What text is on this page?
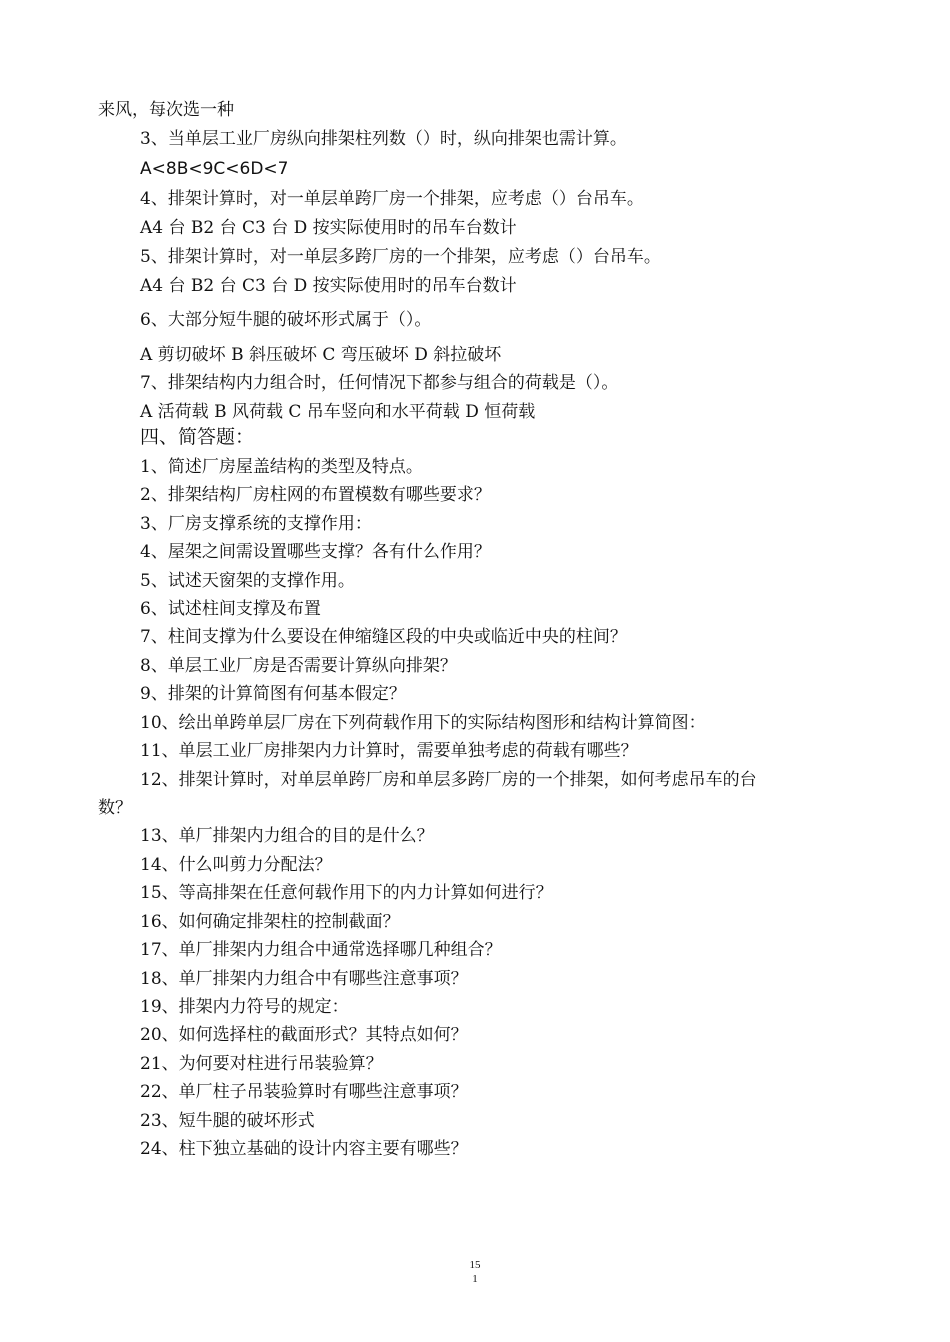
来风，每次选一种
3、当单层工业厂房纵向排架柱列数（）时，纵向排架也需计算。
A<8B<9C<6D<7
4、排架计算时，对一单层单跨厂房一个排架，应考虑（）台吊车。
A4 台 B2 台 C3 台 D 按实际使用时的吊车台数计
5、排架计算时，对一单层多跨厂房的一个排架，应考虑（）台吊车。
A4 台 B2 台 C3 台 D 按实际使用时的吊车台数计
6、大部分短牛腿的破坏形式属于（）。
A 剪切破坏 B 斜压破坏 C 弯压破坏 D 斜拉破坏
7、排架结构内力组合时，任何情况下都参与组合的荷载是（）。
A 活荷载 B 风荷载 C 吊车竖向和水平荷载 D 恒荷载
四、简答题：
1、简述厂房屋盖结构的类型及特点。
2、排架结构厂房柱网的布置模数有哪些要求？
3、厂房支撑系统的支撑作用：
4、屋架之间需设置哪些支撑？各有什么作用？
5、试述天窗架的支撑作用。
6、试述柱间支撑及布置
7、柱间支撑为什么要设在伸缩缝区段的中央或临近中央的柱间？
8、单层工业厂房是否需要计算纵向排架？
9、排架的计算简图有何基本假定？
10、绘出单跨单层厂房在下列荷载作用下的实际结构图形和结构计算简图：
11、单层工业厂房排架内力计算时，需要单独考虑的荷载有哪些？
12、排架计算时，对单层单跨厂房和单层多跨厂房的一个排架，如何考虑吊车的台
数？
13、单厂排架内力组合的目的是什么？
14、什么叫剪力分配法？
15、等高排架在任意何载作用下的内力计算如何进行？
16、如何确定排架柱的控制截面？
17、单厂排架内力组合中通常选择哪几种组合？
18、单厂排架内力组合中有哪些注意事项？
19、排架内力符号的规定：
20、如何选择柱的截面形式？其特点如何？
21、为何要对柱进行吊装验算？
22、单厂柱子吊装验算时有哪些注意事项？
23、短牛腿的破坏形式
24、柱下独立基础的设计内容主要有哪些？
15
1
